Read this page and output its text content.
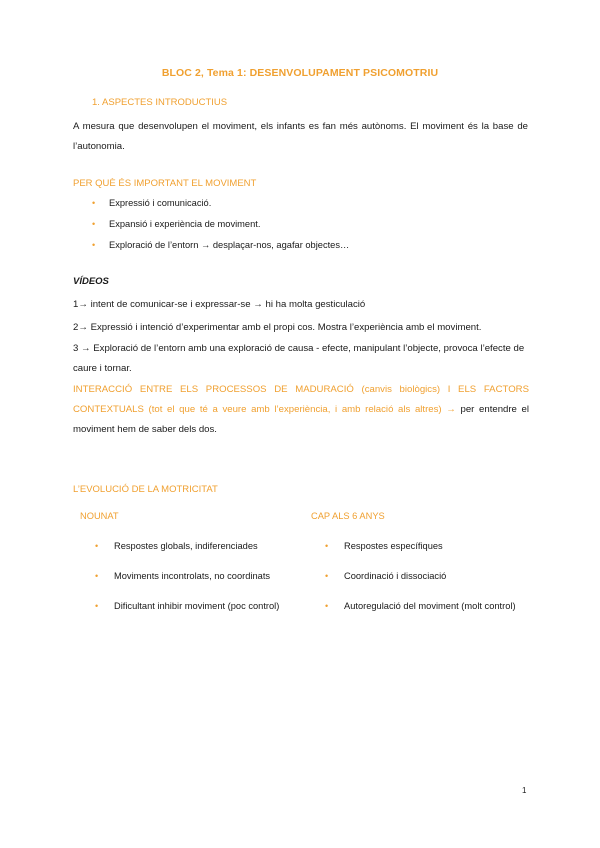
BLOC 2, Tema 1: DESENVOLUPAMENT PSICOMOTRIU
1. ASPECTES INTRODUCTIUS
A mesura que desenvolupen el moviment, els infants es fan més autònoms. El moviment és la base de l’autonomia.
PER QUÈ ÉS IMPORTANT EL MOVIMENT
• Expressió i comunicació.
• Expansió i experiència de moviment.
• Exploració de l’entorn → desplaçar-nos, agafar objectes…
VÍDEOS
1→ intent de comunicar-se i expressar-se → hi ha molta gesticulació
2→ Expressió i intenció d’experimentar amb el propi cos. Mostra l’experiència amb el moviment.
3 → Exploració de l’entorn amb una exploració de causa - efecte, manipulant l’objecte, provoca l’efecte de caure i tornar.
INTERACCIÓ ENTRE ELS PROCESSOS DE MADURACIÓ (canvis biològics) I ELS FACTORS CONTEXTUALS (tot el que té a veure amb l’experiència, i amb relació als altres) → per entendre el moviment hem de saber dels dos.
L’EVOLUCIÓ DE LA MOTRICITAT
NOUNAT	CAP ALS 6 ANYS
• Respostes globals, indiferenciades
• Moviments incontrolats, no coordinats
• Dificultant inhibir moviment (poc control)
• Respostes específiques
• Coordinació i dissociació
• Autoregulació del moviment (molt control)
1
